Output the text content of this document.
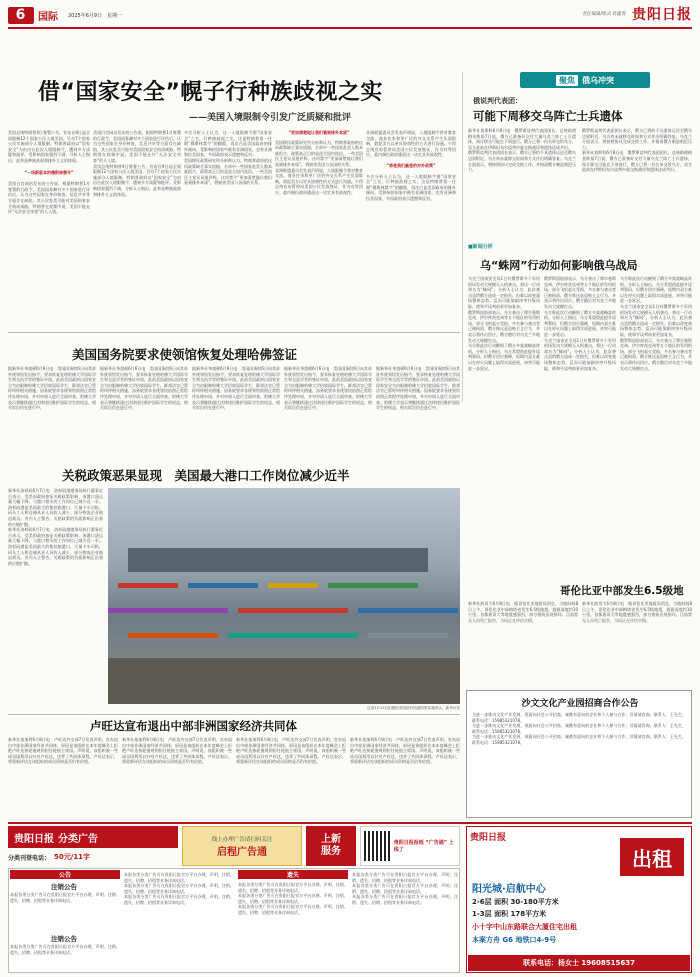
6 国际 2025年6月9日　星期一	责任编辑/版式 蒋灌春 贵阳日报
借“国家安全”幌子行种族歧视之实
——美国入境限制令引发广泛质疑和批评
美国总统特朗普4日签署公告，宣布自9日起全面限制12个国家公民入境美国，另对7个国家公民实施部分入境限制。特朗普政府以“国家安全”为由出台此次入境限制令，遭到多方质疑和批评。受影响国家强烈不满，分析人士指出，此举是种族歧视和排外主义的体现。
“一场新版本的穆斯林禁令”
美国白宫网站发布的公告说，根据特朗普1月签署的行政令，美国国务卿对多个国家进行评估后，认为这些国家在身份核查、信息共享等方面存在缺陷，其公民赴美可能对美国国家安全构成威胁。特朗普在视频中说，美国不能允许“无法安全审查”的人入境。
美国白宫网站发布的公告说，根据特朗普1月签署的行政令，美国国务卿对多个国家进行评估后，认为这些国家在身份核查、信息共享等方面存在缺陷，其公民赴美可能对美国国家安全构成威胁。特朗普在视频中说，美国不能允许“无法安全审查”的人入境。
美国总统特朗普4日签署公告，宣布自9日起全面限制12个国家公民入境美国，另对7个国家公民实施部分入境限制。特朗普政府以“国家安全”为由出台此次入境限制令，遭到多方质疑和批评。受影响国家强烈不满，分析人士指出，此举是种族歧视和排外主义的体现。
多名分析人士认为，这一入境限制令借“国家安全”之名，行种族歧视之实。这是特朗普第一任期“穆斯林禁令”的翻版，再次凸显美国政府的排外倾向。受影响的国家中既有非洲国家，也有亚洲和拉美国家，多国政府表示遗憾和反对。
美国移民政策研究所分析师认为，特朗普政府的这项政策缺乏事实依据，名单中一些国家赴美人数本就很少，政策真正目的是迎合国内选民。一些美国民主党议员批评称，这项禁令“更加清楚地让我们看到排外本质”，将损害美国与各国的关系。
“更加清楚地让我们看到排外本质”
美国移民政策研究所分析师认为，特朗普政府的这项政策缺乏事实依据，名单中一些国家赴美人数本就很少，政策真正目的是迎合国内选民。一些美国民主党议员批评称，这项禁令“更加清楚地让我们看到排外本质”，将损害美国与各国的关系。
非洲联盟委员会发表声明说，入境限制令将对教育交流、商业往来和更广泛的外交关系产生负面影响，敦促美方以更具协商性的方式进行沟通。乍得总统宣布暂停向美国公民发放签证，作为对等回应。委内瑞拉政府谴责这一决定具有歧视性。
非洲联盟委员会发表声明说，入境限制令将对教育交流、商业往来和更广泛的外交关系产生负面影响，敦促美方以更具协商性的方式进行沟通。乍得总统宣布暂停向美国公民发放签证，作为对等回应。委内瑞拉政府谴责这一决定具有歧视性。
“将是我们最差的对外政策”
多名分析人士认为，这一入境限制令借“国家安全”之名，行种族歧视之实。这是特朗普第一任期“穆斯林禁令”的翻版，再次凸显美国政府的排外倾向。受影响的国家中既有非洲国家，也有亚洲和拉美国家，多国政府表示遗憾和反对。
聚焦 俄乌冲突
俄说判代表团：
可能下周移交乌阵亡士兵遗体
新华社莫斯科6月8日电　俄罗斯谈判代表团团长、总统助理梅金斯基7日说，俄方已准备好交付大量乌克兰阵亡士兵遗体，预计移交可能在下周进行。俄方已将一份名单交给乌方，双方此前在伊斯坦布尔谈判中就交换战俘和遗体达成共识。
俄罗斯谈判代表团团长表示，俄方已将约千具遗体运送至俄乌边界附近，乌方尚未就移交时间和方式作出明确答复。乌克兰方面表示，将按照协议完成交换工作，并指责俄方制造舆论压力。
俄罗斯谈判代表团团长表示，俄方已将约千具遗体运送至俄乌边界附近，乌方尚未就移交时间和方式作出明确答复。乌克兰方面表示，将按照协议完成交换工作，并指责俄方制造舆论压力。
新华社莫斯科6月8日电　俄罗斯谈判代表团团长、总统助理梅金斯基7日说，俄方已准备好交付大量乌克兰阵亡士兵遗体，预计移交可能在下周进行。俄方已将一份名单交给乌方，双方此前在伊斯坦布尔谈判中就交换战俘和遗体达成共识。
■新闻分析
乌“蛛网”行动如何影响俄乌战局
乌克兰国家安全局1日对俄罗斯多个军用机场发动大规模无人机袭击，将这一行动命名为“蛛网”。分析人士认为，此次袭击虽给俄方造成一定损失，但难以改变战场整体态势，反而可能加剧冲突升级风险，使和平谈判前景更加复杂。
俄罗斯国防部表示，乌方袭击了摩尔曼斯克州、伊尔库茨克州等五个地区的军用机场，部分飞机起火受损，多名参与袭击者已被拘留。俄方称这是恐怖主义行为，并表示将作出回应。俄方随后对乌克兰多地发动大规模打击。
乌方称此次行动摧毁了俄方多架战略轰炸机。分析人士指出，乌方希望借此提升谈判筹码，但俄方回应强硬，短期内双方难以在停火问题上取得实质进展，冲突可能进一步延宕。
俄罗斯国防部表示，乌方袭击了摩尔曼斯克州、伊尔库茨克州等五个地区的军用机场，部分飞机起火受损，多名参与袭击者已被拘留。俄方称这是恐怖主义行为，并表示将作出回应。俄方随后对乌克兰多地发动大规模打击。
乌方称此次行动摧毁了俄方多架战略轰炸机。分析人士指出，乌方希望借此提升谈判筹码，但俄方回应强硬，短期内双方难以在停火问题上取得实质进展，冲突可能进一步延宕。
乌克兰国家安全局1日对俄罗斯多个军用机场发动大规模无人机袭击，将这一行动命名为“蛛网”。分析人士认为，此次袭击虽给俄方造成一定损失，但难以改变战场整体态势，反而可能加剧冲突升级风险，使和平谈判前景更加复杂。
乌方称此次行动摧毁了俄方多架战略轰炸机。分析人士指出，乌方希望借此提升谈判筹码，但俄方回应强硬，短期内双方难以在停火问题上取得实质进展，冲突可能进一步延宕。
乌克兰国家安全局1日对俄罗斯多个军用机场发动大规模无人机袭击，将这一行动命名为“蛛网”。分析人士认为，此次袭击虽给俄方造成一定损失，但难以改变战场整体态势，反而可能加剧冲突升级风险，使和平谈判前景更加复杂。
俄罗斯国防部表示，乌方袭击了摩尔曼斯克州、伊尔库茨克州等五个地区的军用机场，部分飞机起火受损，多名参与袭击者已被拘留。俄方称这是恐怖主义行为，并表示将作出回应。俄方随后对乌克兰多地发动大规模打击。
美国国务院要求使领馆恢复处理哈佛签证
据新华社华盛顿6月6日电　美国国务院6日向其驻外使领馆发出指令，要求恢复处理哈佛大学国际学生和交流学者的签证申请。此前美国政府以国家安全为由限制哈佛大学招收国际学生，联邦法官已暂时叫停相关措施。国务院要求各使领馆依照正常程序处理申请，并对申请人进行全面审查。哈佛大学表示将继续通过法律途径维护国际学生的权益，相关诉讼仍在进行中。
据新华社华盛顿6月6日电　美国国务院6日向其驻外使领馆发出指令，要求恢复处理哈佛大学国际学生和交流学者的签证申请。此前美国政府以国家安全为由限制哈佛大学招收国际学生，联邦法官已暂时叫停相关措施。国务院要求各使领馆依照正常程序处理申请，并对申请人进行全面审查。哈佛大学表示将继续通过法律途径维护国际学生的权益，相关诉讼仍在进行中。
据新华社华盛顿6月6日电　美国国务院6日向其驻外使领馆发出指令，要求恢复处理哈佛大学国际学生和交流学者的签证申请。此前美国政府以国家安全为由限制哈佛大学招收国际学生，联邦法官已暂时叫停相关措施。国务院要求各使领馆依照正常程序处理申请，并对申请人进行全面审查。哈佛大学表示将继续通过法律途径维护国际学生的权益，相关诉讼仍在进行中。
据新华社华盛顿6月6日电　美国国务院6日向其驻外使领馆发出指令，要求恢复处理哈佛大学国际学生和交流学者的签证申请。此前美国政府以国家安全为由限制哈佛大学招收国际学生，联邦法官已暂时叫停相关措施。国务院要求各使领馆依照正常程序处理申请，并对申请人进行全面审查。哈佛大学表示将继续通过法律途径维护国际学生的权益，相关诉讼仍在进行中。
据新华社华盛顿6月6日电　美国国务院6日向其驻外使领馆发出指令，要求恢复处理哈佛大学国际学生和交流学者的签证申请。此前美国政府以国家安全为由限制哈佛大学招收国际学生，联邦法官已暂时叫停相关措施。国务院要求各使领馆依照正常程序处理申请，并对申请人进行全面审查。哈佛大学表示将继续通过法律途径维护国际学生的权益，相关诉讼仍在进行中。
关税政策恶果显现　美国最大港口工作岗位减少近半
新华社洛杉矶6月7日电　洛杉矶港港务局执行董事近日表示，受美国政府加征关税政策影响，该港口货运量大幅下降，与港口相关的工作岗位已减少近一半。洛杉矶港是美国最大的集装箱港口，大量卡车司机、码头工人和仓储从业人员收入减少，部分物流企业被迫裁员。业内人士警告，关税政策的负面影响正沿着供应链扩散。
新华社洛杉矶6月7日电　洛杉矶港港务局执行董事近日表示，受美国政府加征关税政策影响，该港口货运量大幅下降，与港口相关的工作岗位已减少近一半。洛杉矶港是美国最大的集装箱港口，大量卡车司机、码头工人和仓储从业人员收入减少，部分物流企业被迫裁员。业内人士警告，关税政策的负面影响正沿着供应链扩散。
这是5月13日拍摄的美国洛杉矶港的集装箱码头。新华社发
卢旺达宣布退出中部非洲国家经济共同体
新华社基加利6月8日电　卢旺达外交部7日发表声明，宣布退出中部非洲国家经济共同体，原因是该组织在本年度峰会上拒绝卢旺达按轮值规则担任轮值主席国。声明说，该组织被一些成员国利用以针对卢旺达，违背了共同体章程。卢旺达表示，将重新评估在该组织的成员资格是否仍有价值。
新华社基加利6月8日电　卢旺达外交部7日发表声明，宣布退出中部非洲国家经济共同体，原因是该组织在本年度峰会上拒绝卢旺达按轮值规则担任轮值主席国。声明说，该组织被一些成员国利用以针对卢旺达，违背了共同体章程。卢旺达表示，将重新评估在该组织的成员资格是否仍有价值。
新华社基加利6月8日电　卢旺达外交部7日发表声明，宣布退出中部非洲国家经济共同体，原因是该组织在本年度峰会上拒绝卢旺达按轮值规则担任轮值主席国。声明说，该组织被一些成员国利用以针对卢旺达，违背了共同体章程。卢旺达表示，将重新评估在该组织的成员资格是否仍有价值。
新华社基加利6月8日电　卢旺达外交部7日发表声明，宣布退出中部非洲国家经济共同体，原因是该组织在本年度峰会上拒绝卢旺达按轮值规则担任轮值主席国。声明说，该组织被一些成员国利用以针对卢旺达，违背了共同体章程。卢旺达表示，将重新评估在该组织的成员资格是否仍有价值。
哥伦比亚中部发生6.5级地
新华社波哥大6月8日电　据哥伦比亚地质局消息，当地时间8日上午，哥伦比亚中部梅塔省发生6.5级地震，震源深度约10公里。首都波哥大等地震感强烈，部分建筑出现损坏。目前暂无人员死亡报告，当局正在评估灾情。
新华社波哥大6月8日电　据哥伦比亚地质局消息，当地时间8日上午，哥伦比亚中部梅塔省发生6.5级地震，震源深度约10公里。首都波哥大等地震感强烈，部分建筑出现损坏。目前暂无人员死亡报告，当局正在评估灾情。
沙文文化产业园招商合作公告
为进一步推动文化产业发展，现面向社会公开招商，诚邀有意向的企业和个人参与合作，详情请咨询。联系人：王先生，联系电话：15985321078。
为进一步推动文化产业发展，现面向社会公开招商，诚邀有意向的企业和个人参与合作，详情请咨询。联系人：王先生，联系电话：15985321078。
为进一步推动文化产业发展，现面向社会公开招商，诚邀有意向的企业和个人参与合作，详情请咨询。联系人：王先生，联系电话：15985321078。
贵阳日报 分类广告
分类刊登电话： 50元/11字
线上办理广告请扫码关注
启程广告通
上新
服务
贵阳日报报纸 “广告通” 上线了
公告
注销公告
本报各类分类广告可在贵阳日报官方平台办理，声明、注销、遗失、招聘、招租等业务详询电话。
注销公告
本报各类分类广告可在贵阳日报官方平台办理，声明、注销、遗失、招聘、招租等业务详询电话。
本报各类分类广告可在贵阳日报官方平台办理，声明、注销、遗失、招聘、招租等业务详询电话。
本报各类分类广告可在贵阳日报官方平台办理，声明、注销、遗失、招聘、招租等业务详询电话。
本报各类分类广告可在贵阳日报官方平台办理，声明、注销、遗失、招聘、招租等业务详询电话。
遗失
本报各类分类广告可在贵阳日报官方平台办理，声明、注销、遗失、招聘、招租等业务详询电话。
本报各类分类广告可在贵阳日报官方平台办理，声明、注销、遗失、招聘、招租等业务详询电话。
本报各类分类广告可在贵阳日报官方平台办理，声明、注销、遗失、招聘、招租等业务详询电话。
本报各类分类广告可在贵阳日报官方平台办理，声明、注销、遗失、招聘、招租等业务详询电话。
本报各类分类广告可在贵阳日报官方平台办理，声明、注销、遗失、招聘、招租等业务详询电话。
本报各类分类广告可在贵阳日报官方平台办理，声明、注销、遗失、招聘、招租等业务详询电话。
贵阳日报
出租
阳光城·启航中心
2-6层 面积 30-180平方米
1-3层 面积 178平方米
小十字中山东路联合大厦住宅出租
本案方舟 G6 地铁口4-9号
联系电话：杨女士 19608515637
